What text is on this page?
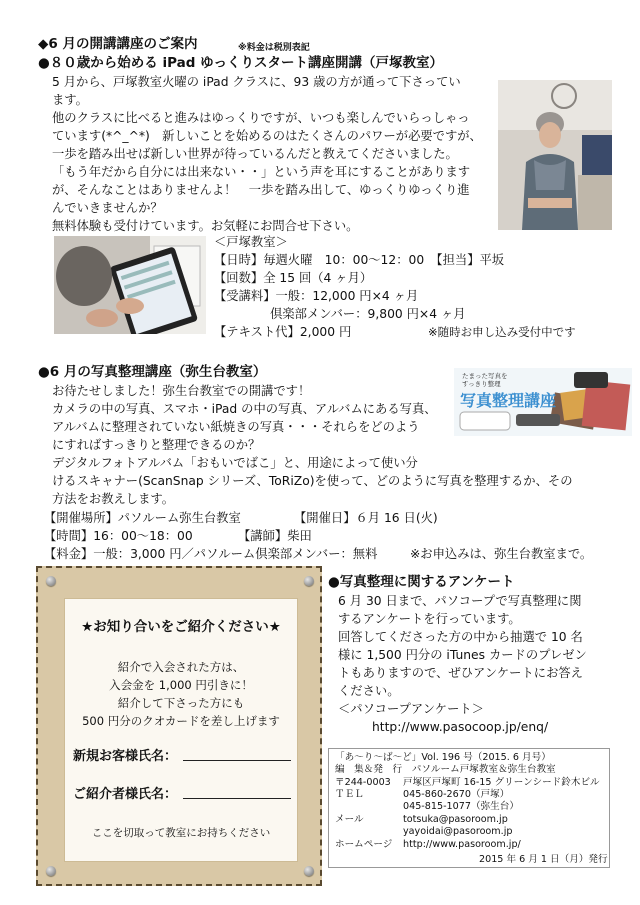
◆6 月の開講講座のご案内	※料金は税別表記
●８０歳から始める iPad ゆっくりスタート講座開講（戸塚教室）
5 月から、戸塚教室火曜の iPad クラスに、93 歳の方が通って下さってい
ます。
他のクラスに比べると進みはゆっくりですが、いつも楽しんでいらっしゃっ
ています(*^_^*)　新しいことを始めるのはたくさんのパワーが必要ですが、
一歩を踏み出せば新しい世界が待っているんだと教えてくださいました。
「もう年だから自分には出来ない・・」という声を耳にすることがあります
が、そんなことはありませんよ！　一歩を踏み出して、ゆっくりゆっくり進
んでいきませんか？
無料体験も受付けています。お気軽にお問合せ下さい。
＜戸塚教室＞
【日時】毎週火曜　10：00～12：00　【担当】平坂
【回数】全 15 回（4 ヶ月）
【受講料】一般：12,000 円×4 ヶ月
倶楽部メンバー：9,800 円×4 ヶ月
【テキスト代】2,000 円	※随時お申し込み受付中です
●6 月の写真整理講座（弥生台教室）
お待たせしました！弥生台教室での開講です！
カメラの中の写真、スマホ・iPad の中の写真、アルバムにある写真、
アルバムに整理されていない紙焼きの写真・・・それらをどのよう
にすればすっきりと整理できるのか？
デジタルフォトアルバム「おもいでばこ」と、用途によって使い分
けるスキャナー(ScanSnap シリーズ、ToRiZo)を使って、どのように写真を整理するか、その
方法をお教えします。
たまった写真を
すっきり整理
写真整理講座
【開催場所】パソルーム弥生台教室	【開催日】６月 16 日(火)
【時間】16：00～18：00	【講師】柴田
【料金】一般：3,000 円／パソルーム倶楽部メンバー：無料	※お申込みは、弥生台教室まで。
★お知り合いをご紹介ください★
紹介で入会された方は、
入会金を 1,000 円引きに！
紹介して下さった方にも
500 円分のクオカードを差し上げます
新規お客様氏名：
ご紹介者様氏名：
ここを切取って教室にお持ちください
●写真整理に関するアンケート
6 月 30 日まで、パソコープで写真整理に関
するアンケートを行っています。
回答してくださった方の中から抽選で 10 名
様に 1,500 円分の iTunes カードのプレゼン
トもありますので、ぜひアンケートにお答え
ください。
＜パソコープアンケート＞
http://www.pasocoop.jp/enq/
「あ～り～ば～ど」Vol. 196 号（2015. 6 月号）
編　集＆発　行　パソルーム戸塚教室＆弥生台教室
〒244-0003 戸塚区戸塚町 16-15 グリーンシード鈴木ビル
ＴＥＬ	045-860-2670（戸塚）
045-815-1077（弥生台）
メール	totsuka@pasoroom.jp
yayoidai@pasoroom.jp
ホームページ http://www.pasoroom.jp/
2015 年 6 月 1 日（月）発行
